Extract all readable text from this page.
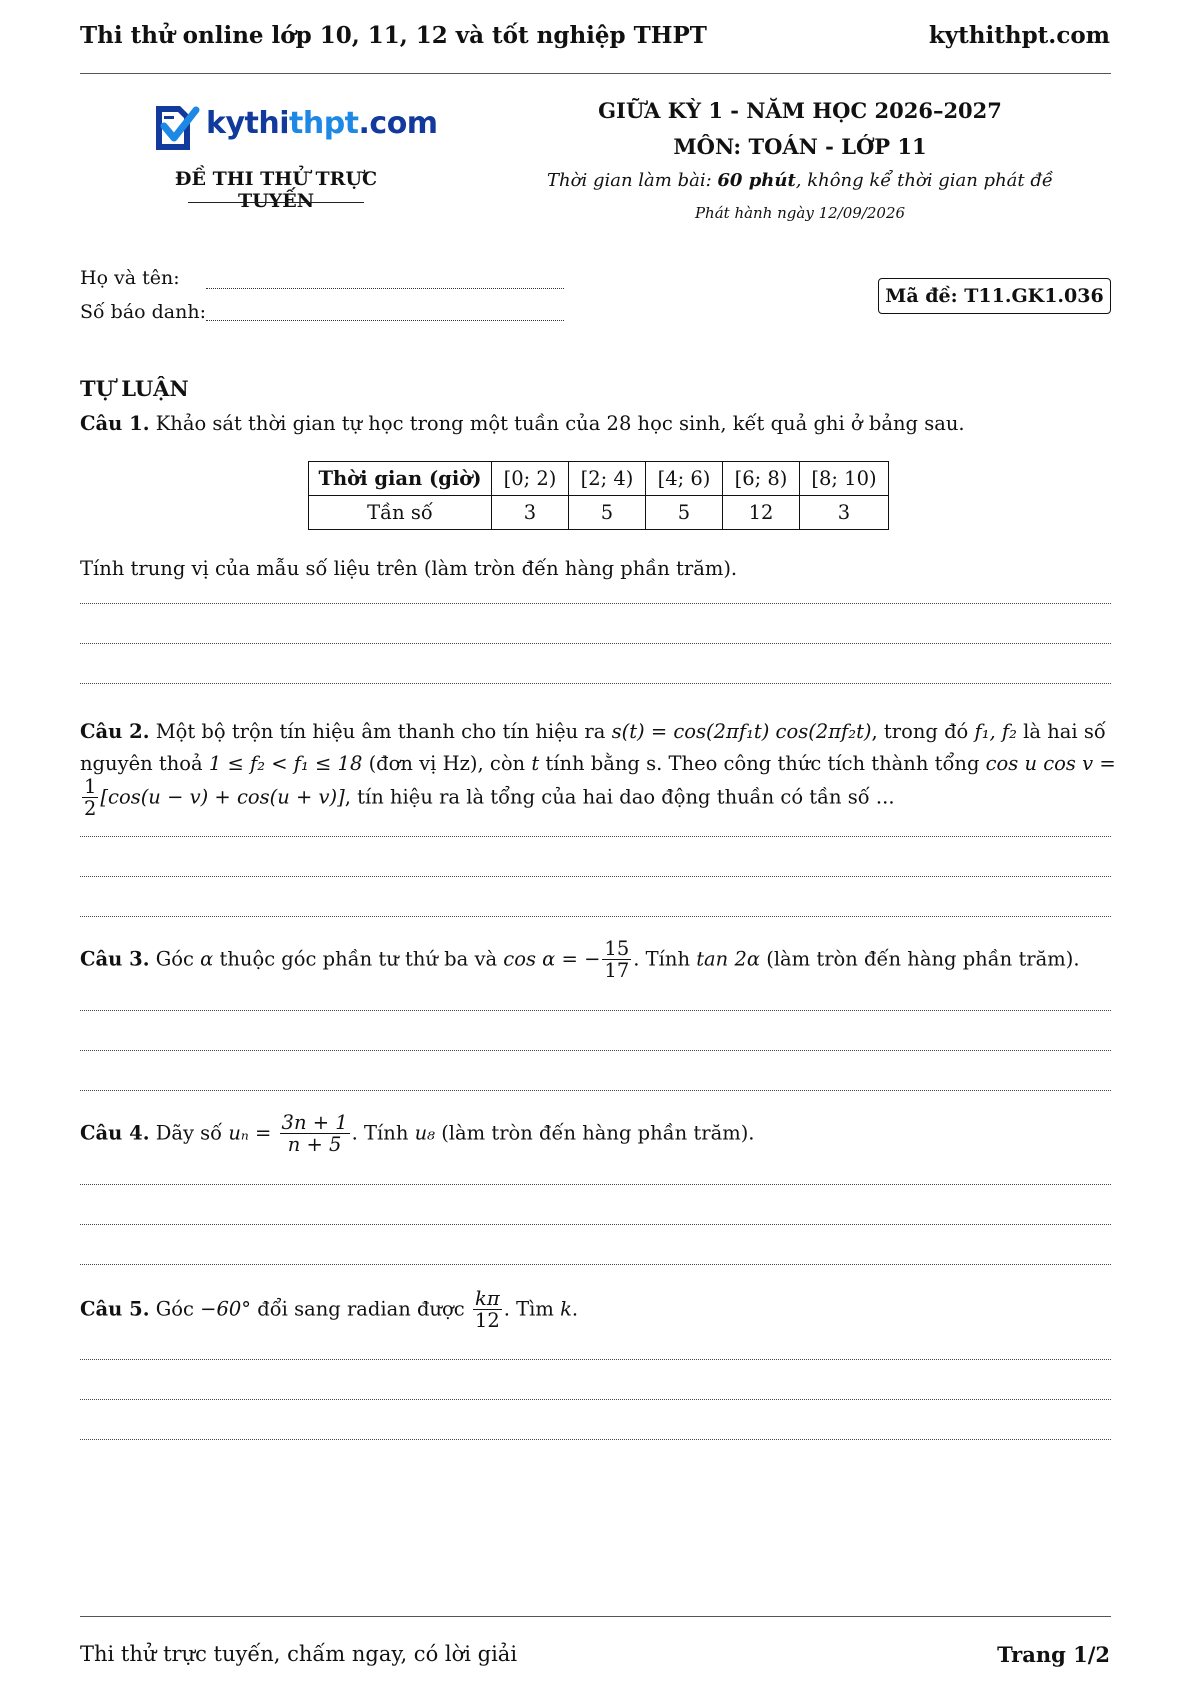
Thi thử online lớp 10, 11, 12 và tốt nghiệp THPT	kythithpt.com
kythithpt.com
ĐỀ THI THỬ TRỰC TUYẾN
GIỮA KỲ 1 - NĂM HỌC 2026–2027
MÔN: TOÁN - LỚP 11
Thời gian làm bài: 60 phút, không kể thời gian phát đề
Phát hành ngày 12/09/2026
Họ và tên:
Số báo danh:
Mã đề: T11.GK1.036
TỰ LUẬN
Câu 1. Khảo sát thời gian tự học trong một tuần của 28 học sinh, kết quả ghi ở bảng sau.
Thời gian (giờ)	[0; 2)	[2; 4)	[4; 6)	[6; 8)	[8; 10)
Tần số	3	5	5	12	3
Tính trung vị của mẫu số liệu trên (làm tròn đến hàng phần trăm).
Câu 2. Một bộ trộn tín hiệu âm thanh cho tín hiệu ra s(t) = cos(2πf₁t) cos(2πf₂t), trong đó f₁, f₂ là hai số
nguyên thoả 1 ≤ f₂ < f₁ ≤ 18 (đơn vị Hz), còn t tính bằng s. Theo công thức tích thành tổng cos u cos v =
$\frac{1}{2} [\cos(u - v) + \cos(u + v)]$, tín hiệu ra là tổng của hai dao động thuần có tần số ...
Câu 3. Góc α thuộc góc phần tư thứ ba và cos α = − $\frac{15}{17}$ . Tính tan 2α (làm tròn đến hàng phần trăm).
Câu 4. Dãy số $u_n = \frac{3n + 1}{n + 5}$ . Tính u₈ (làm tròn đến hàng phần trăm).
Câu 5. Góc −60° đổi sang radian được $\frac{k\pi}{12}$ . Tìm k.
Thi thử trực tuyến, chấm ngay, có lời giải	Trang 1/2
